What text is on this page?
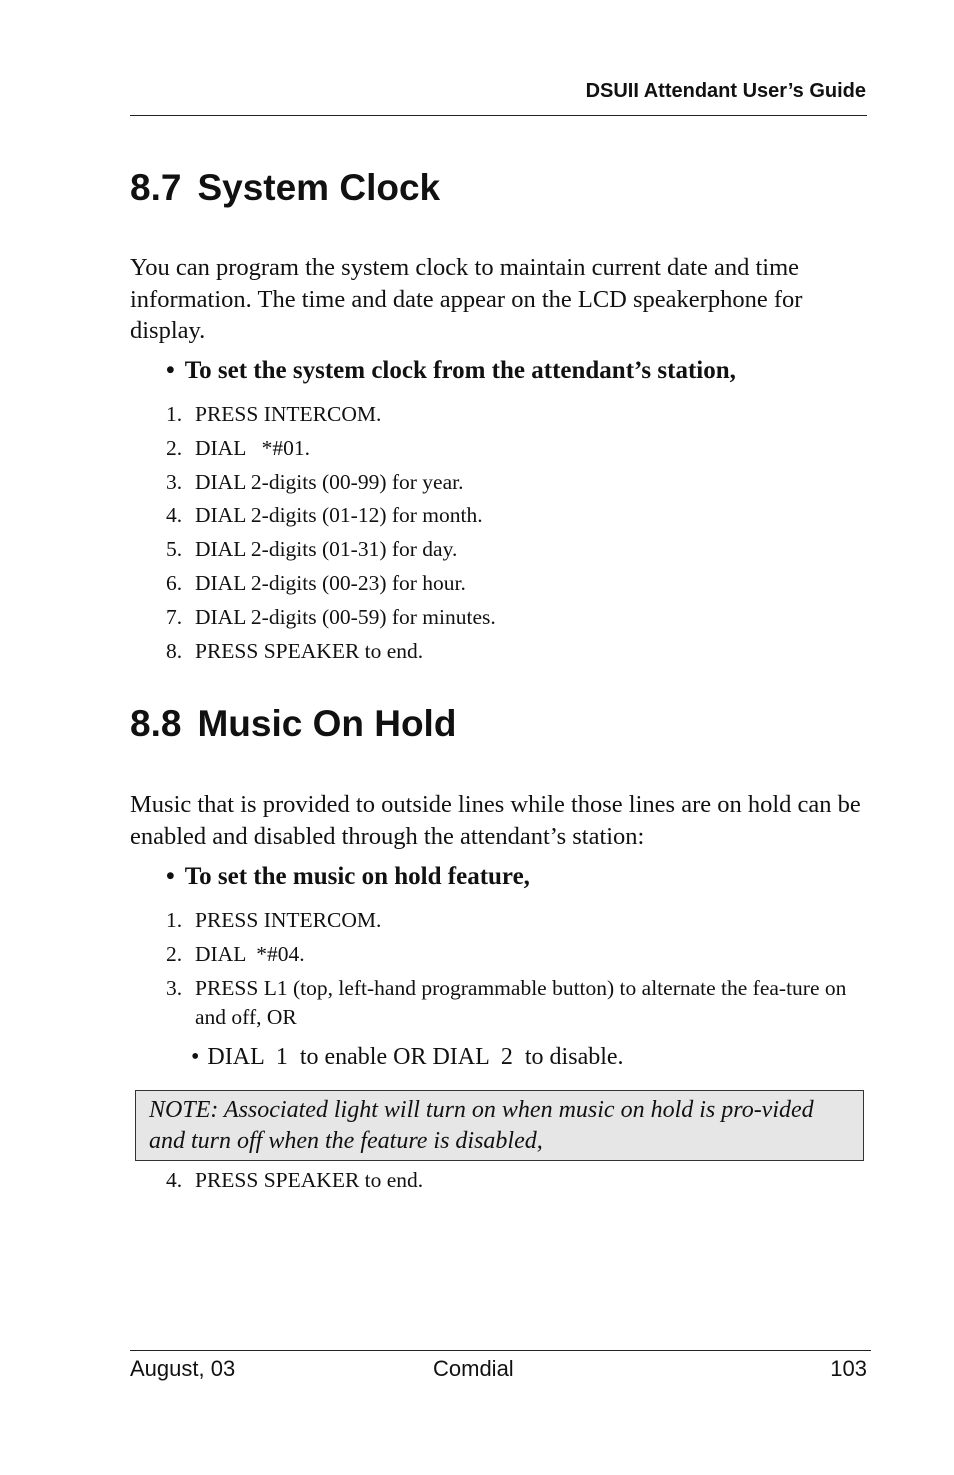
DSUII Attendant User’s Guide
8.7 System Clock

You can program the system clock to maintain current date and time information. The time and date appear on the LCD speakerphone for display.

• To set the system clock from the attendant’s station,
1. PRESS INTERCOM.
2. DIAL   *#01.
3. DIAL 2-digits (00-99) for year.
4. DIAL 2-digits (01-12) for month.
5. DIAL 2-digits (01-31) for day.
6. DIAL 2-digits (00-23) for hour.
7. DIAL 2-digits (00-59) for minutes.
8. PRESS SPEAKER to end.
8.8 Music On Hold

Music that is provided to outside lines while those lines are on hold can be enabled and disabled through the attendant’s station:

• To set the music on hold feature,
1. PRESS INTERCOM.
2. DIAL  *#04.
3. PRESS L1 (top, left-hand programmable button) to alternate the fea-ture on and off, OR
• DIAL  1  to enable OR DIAL  2  to disable.
NOTE: Associated light will turn on when music on hold is pro-vided and turn off when the feature is disabled,
4. PRESS SPEAKER to end.
August, 03	Comdial	103
